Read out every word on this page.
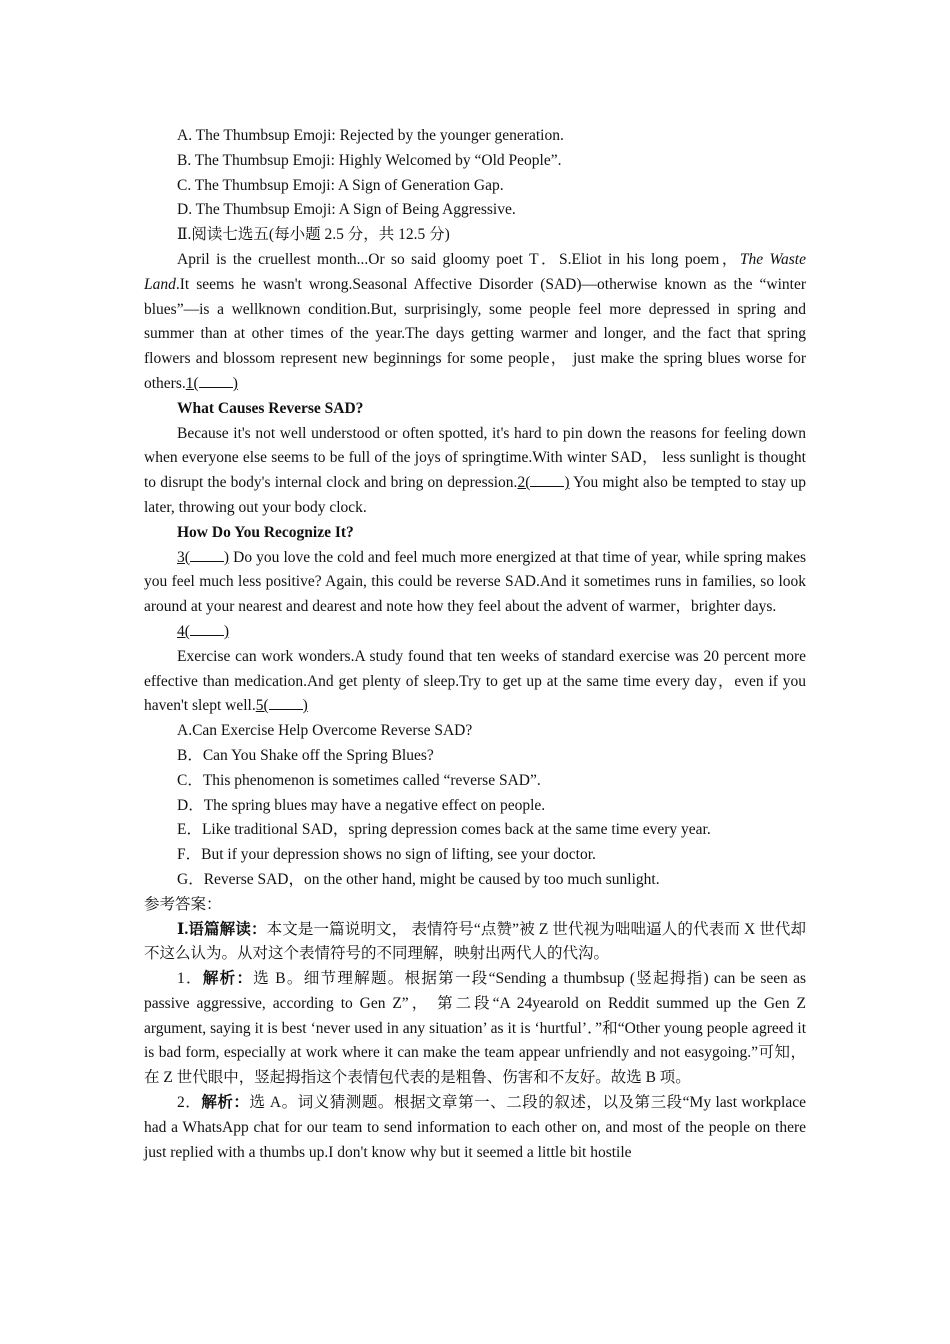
A. The Thumbsup Emoji: Rejected by the younger generation.

B. The Thumbsup Emoji: Highly Welcomed by “Old People”.

C. The Thumbsup Emoji: A Sign of Generation Gap.

D. The Thumbsup Emoji: A Sign of Being Aggressive.

Ⅱ.阅读七选五(每小题 2.5 分，共 12.5 分)

April is the cruellest month...Or so said gloomy poet T．S.Eliot in his long poem，The Waste Land.It seems he wasn't wrong.Seasonal Affective Disorder (SAD)—otherwise known as the “winter blues”—is a wellknown condition.But, surprisingly, some people feel more depressed in spring and summer than at other times of the year.The days getting warmer and longer, and the fact that spring flowers and blossom represent new beginnings for some people， just make the spring blues worse for others.1( )

What Causes Reverse SAD?

Because it's not well understood or often spotted, it's hard to pin down the reasons for feeling down when everyone else seems to be full of the joys of springtime.With winter SAD， less sunlight is thought to disrupt the body's internal clock and bring on depression.2( ) You might also be tempted to stay up later, throwing out your body clock.

How Do You Recognize It?

3( ) Do you love the cold and feel much more energized at that time of year, while spring makes you feel much less positive? Again, this could be reverse SAD.And it sometimes runs in families, so look around at your nearest and dearest and note how they feel about the advent of warmer，brighter days.

4( )

Exercise can work wonders.A study found that ten weeks of standard exercise was 20 percent more effective than medication.And get plenty of sleep.Try to get up at the same time every day，even if you haven't slept well.5( )

A.Can Exercise Help Overcome Reverse SAD?

B．Can You Shake off the Spring Blues?

C．This phenomenon is sometimes called “reverse SAD”.

D．The spring blues may have a negative effect on people.

E．Like traditional SAD，spring depression comes back at the same time every year.

F．But if your depression shows no sign of lifting, see your doctor.

G．Reverse SAD，on the other hand, might be caused by too much sunlight.

参考答案：

Ⅰ.语篇解读：本文是一篇说明文， 表情符号“点赞”被 Z 世代视为咄咄逼人的代表而 X 世代却不这么认为。从对这个表情符号的不同理解，映射出两代人的代沟。

1．解析：选 B。细节理解题。根据第一段“Sending a thumbsup (竖起拇指) can be seen as passive aggressive, according to Gen Z”， 第二段“A 24yearold on Reddit summed up the Gen Z argument, saying it is best ‘never used in any situation’ as it is ‘hurtful’．”和“Other young people agreed it is bad form, especially at work where it can make the team appear unfriendly and not easygoing.”可知，在 Z 世代眼中，竖起拇指这个表情包代表的是粗鲁、伤害和不友好。故选 B 项。

2．解析：选 A。词义猜测题。根据文章第一、二段的叙述，以及第三段“My last workplace had a WhatsApp chat for our team to send information to each other on, and most of the people on there just replied with a thumbs up.I don't know why but it seemed a little bit hostile
